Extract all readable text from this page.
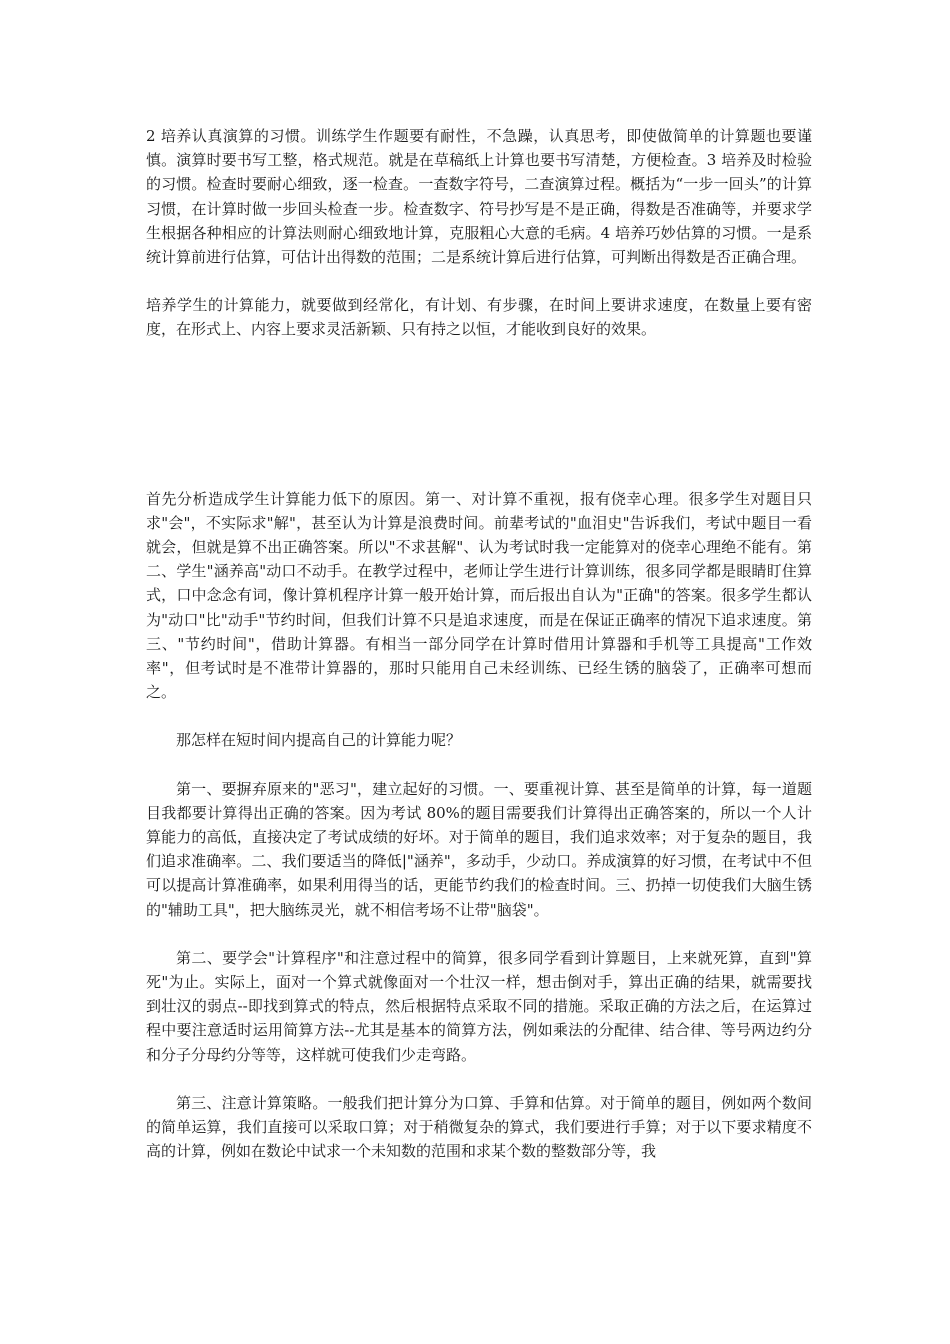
2 培养认真演算的习惯。训练学生作题要有耐性，不急躁，认真思考，即使做简单的计算题也要谨慎。演算时要书写工整，格式规范。就是在草稿纸上计算也要书写清楚，方便检查。3 培养及时检验的习惯。检查时要耐心细致，逐一检查。一查数字符号，二查演算过程。概括为“一步一回头”的计算习惯，在计算时做一步回头检查一步。检查数字、符号抄写是不是正确，得数是否准确等，并要求学生根据各种相应的计算法则耐心细致地计算，克服粗心大意的毛病。4 培养巧妙估算的习惯。一是系统计算前进行估算，可估计出得数的范围；二是系统计算后进行估算，可判断出得数是否正确合理。

培养学生的计算能力，就要做到经常化，有计划、有步骤，在时间上要讲求速度，在数量上要有密度，在形式上、内容上要求灵活新颖、只有持之以恒，才能收到良好的效果。

首先分析造成学生计算能力低下的原因。第一、对计算不重视，报有侥幸心理。很多学生对题目只求"会"，不实际求"解"，甚至认为计算是浪费时间。前辈考试的"血泪史"告诉我们，考试中题目一看就会，但就是算不出正确答案。所以"不求甚解"、认为考试时我一定能算对的侥幸心理绝不能有。第二、学生"涵养高"动口不动手。在教学过程中，老师让学生进行计算训练，很多同学都是眼睛盯住算式，口中念念有词，像计算机程序计算一般开始计算，而后报出自认为"正确"的答案。很多学生都认为"动口"比"动手"节约时间，但我们计算不只是追求速度，而是在保证正确率的情况下追求速度。第三、"节约时间"，借助计算器。有相当一部分同学在计算时借用计算器和手机等工具提高"工作效率"，但考试时是不准带计算器的，那时只能用自己未经训练、已经生锈的脑袋了，正确率可想而之。

那怎样在短时间内提高自己的计算能力呢？

第一、要摒弃原来的"恶习"，建立起好的习惯。一、要重视计算、甚至是简单的计算，每一道题目我都要计算得出正确的答案。因为考试 80%的题目需要我们计算得出正确答案的，所以一个人计算能力的高低，直接决定了考试成绩的好坏。对于简单的题目，我们追求效率；对于复杂的题目，我们追求准确率。二、我们要适当的降低|"涵养"，多动手，少动口。养成演算的好习惯，在考试中不但可以提高计算准确率，如果利用得当的话，更能节约我们的检查时间。三、扔掉一切使我们大脑生锈的"辅助工具"，把大脑练灵光，就不相信考场不让带"脑袋"。

第二、要学会"计算程序"和注意过程中的简算，很多同学看到计算题目，上来就死算，直到"算死"为止。实际上，面对一个算式就像面对一个壮汉一样，想击倒对手，算出正确的结果，就需要找到壮汉的弱点--即找到算式的特点，然后根据特点采取不同的措施。采取正确的方法之后，在运算过程中要注意适时运用简算方法--尤其是基本的简算方法，例如乘法的分配律、结合律、等号两边约分和分子分母约分等等，这样就可使我们少走弯路。

第三、注意计算策略。一般我们把计算分为口算、手算和估算。对于简单的题目，例如两个数间的简单运算，我们直接可以采取口算；对于稍微复杂的算式，我们要进行手算；对于以下要求精度不高的计算，例如在数论中试求一个未知数的范围和求某个数的整数部分等，我
